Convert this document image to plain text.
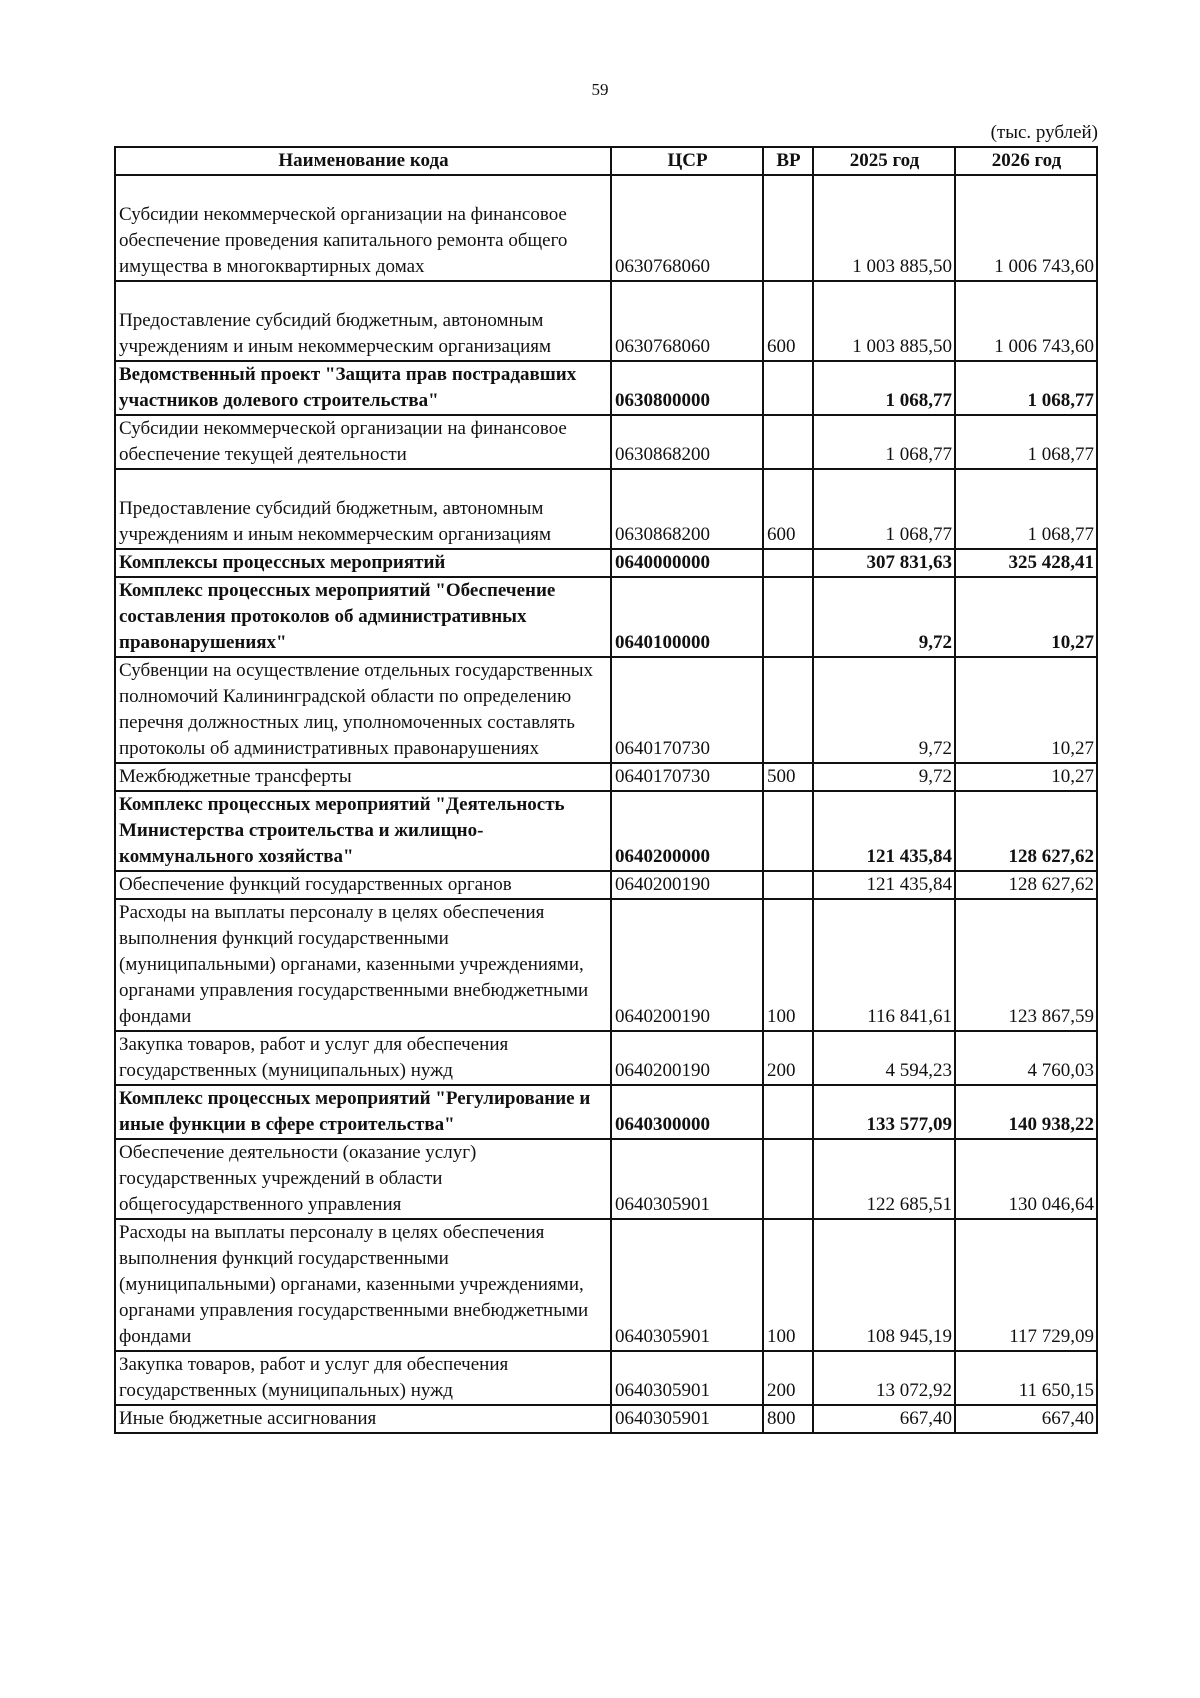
59
(тыс. рублей)
Наименование кода	ЦСР	ВР	2025 год	2026 год
Субсидии некоммерческой организации на финансовое обеспечение проведения капитального ремонта общего имущества в многоквартирных домах	0630768060		1 003 885,50	1 006 743,60
Предоставление субсидий бюджетным, автономным учреждениям и иным некоммерческим организациям	0630768060	600	1 003 885,50	1 006 743,60
Ведомственный проект "Защита прав пострадавших участников долевого строительства"	0630800000		1 068,77	1 068,77
Субсидии некоммерческой организации на финансовое обеспечение текущей деятельности	0630868200		1 068,77	1 068,77
Предоставление субсидий бюджетным, автономным учреждениям и иным некоммерческим организациям	0630868200	600	1 068,77	1 068,77
Комплексы процессных мероприятий	0640000000		307 831,63	325 428,41
Комплекс процессных мероприятий "Обеспечение составления протоколов об административных правонарушениях"	0640100000		9,72	10,27
Субвенции на осуществление отдельных государственных полномочий Калининградской области по определению перечня должностных лиц, уполномоченных составлять протоколы об административных правонарушениях	0640170730		9,72	10,27
Межбюджетные трансферты	0640170730	500	9,72	10,27
Комплекс процессных мероприятий "Деятельность Министерства строительства и жилищно-коммунального хозяйства"	0640200000		121 435,84	128 627,62
Обеспечение функций государственных органов	0640200190		121 435,84	128 627,62
Расходы на выплаты персоналу в целях обеспечения выполнения функций государственными (муниципальными) органами, казенными учреждениями, органами управления государственными внебюджетными фондами	0640200190	100	116 841,61	123 867,59
Закупка товаров, работ и услуг для обеспечения государственных (муниципальных) нужд	0640200190	200	4 594,23	4 760,03
Комплекс процессных мероприятий "Регулирование и иные функции в сфере строительства"	0640300000		133 577,09	140 938,22
Обеспечение деятельности (оказание услуг) государственных учреждений в области общегосударственного управления	0640305901		122 685,51	130 046,64
Расходы на выплаты персоналу в целях обеспечения выполнения функций государственными (муниципальными) органами, казенными учреждениями, органами управления государственными внебюджетными фондами	0640305901	100	108 945,19	117 729,09
Закупка товаров, работ и услуг для обеспечения государственных (муниципальных) нужд	0640305901	200	13 072,92	11 650,15
Иные бюджетные ассигнования	0640305901	800	667,40	667,40
